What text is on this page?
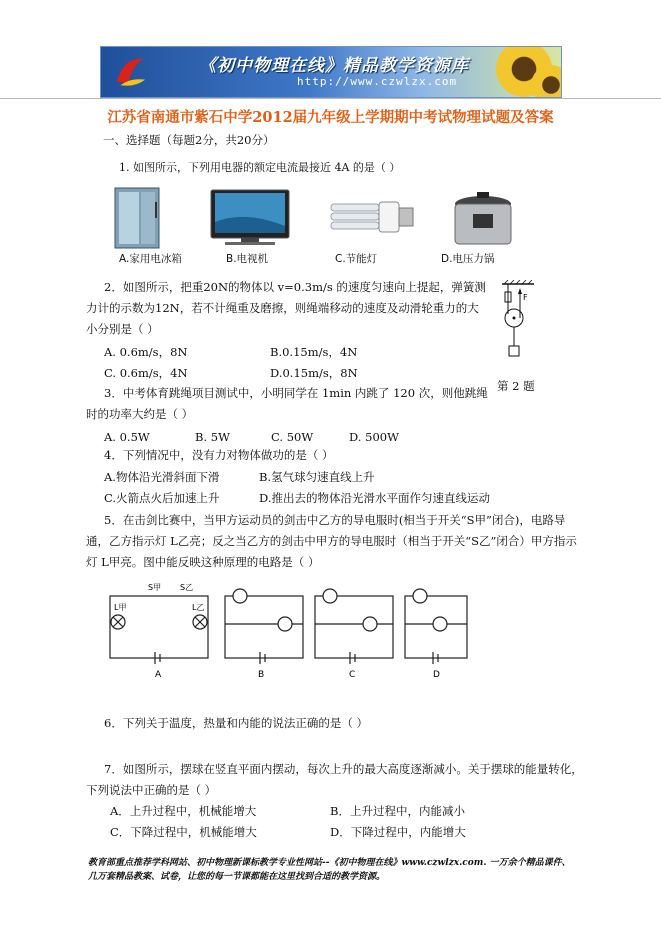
《初中物理在线》精品教学资源库
http://www.czwlzx.com
江苏省南通市紫石中学2012届九年级上学期期中考试物理试题及答案
一、选择题（每题2分，共20分）
1. 如图所示，下列用电器的额定电流最接近 4A 的是（ ）
A.家用电冰箱	B.电视机	C.节能灯	D.电压力锅
2．如图所示，把重20N的物体以 v=0.3m/s 的速度匀速向上提起，弹簧测
力计的示数为12N，若不计绳重及磨擦，则绳端移动的速度及动滑轮重力的大
小分别是（ ）
A. 0.6m/s，8N	B.0.15m/s，4N
C. 0.6m/s，4N	D.0.15m/s，8N
F
第 2 题
3．中考体育跳绳项目测试中，小明同学在 1min 内跳了 120 次，则他跳绳
时的功率大约是（ ）
A. 0.5W	B. 5W	C. 50W	D. 500W
4．下列情况中，没有力对物体做功的是（ ）
A.物体沿光滑斜面下滑	B.氢气球匀速直线上升
C.火箭点火后加速上升	D.推出去的物体沿光滑水平面作匀速直线运动
5．在击剑比赛中，当甲方运动员的剑击中乙方的导电服时(相当于开关“S甲”闭合)，电路导
通，乙方指示灯 L乙亮；反之当乙方的剑击中甲方的导电服时（相当于开关“S乙”闭合）甲方指示
灯 L甲亮。图中能反映这种原理的电路是（ ）
A	B	C	D
S甲 S乙
L甲	L乙
6．下列关于温度，热量和内能的说法正确的是（ ）
7．如图所示，摆球在竖直平面内摆动，每次上升的最大高度逐渐减小。关于摆球的能量转化，
下列说法中正确的是（ ）
A．上升过程中，机械能增大	B．上升过程中，内能减小
C．下降过程中，机械能增大	D．下降过程中，内能增大
教育部重点推荐学科网站、初中物理新课标教学专业性网站--《初中物理在线》www.czwlzx.com. 一万余个精品课件、几万套精品教案、试卷，让您的每一节课都能在这里找到合适的教学资源。
